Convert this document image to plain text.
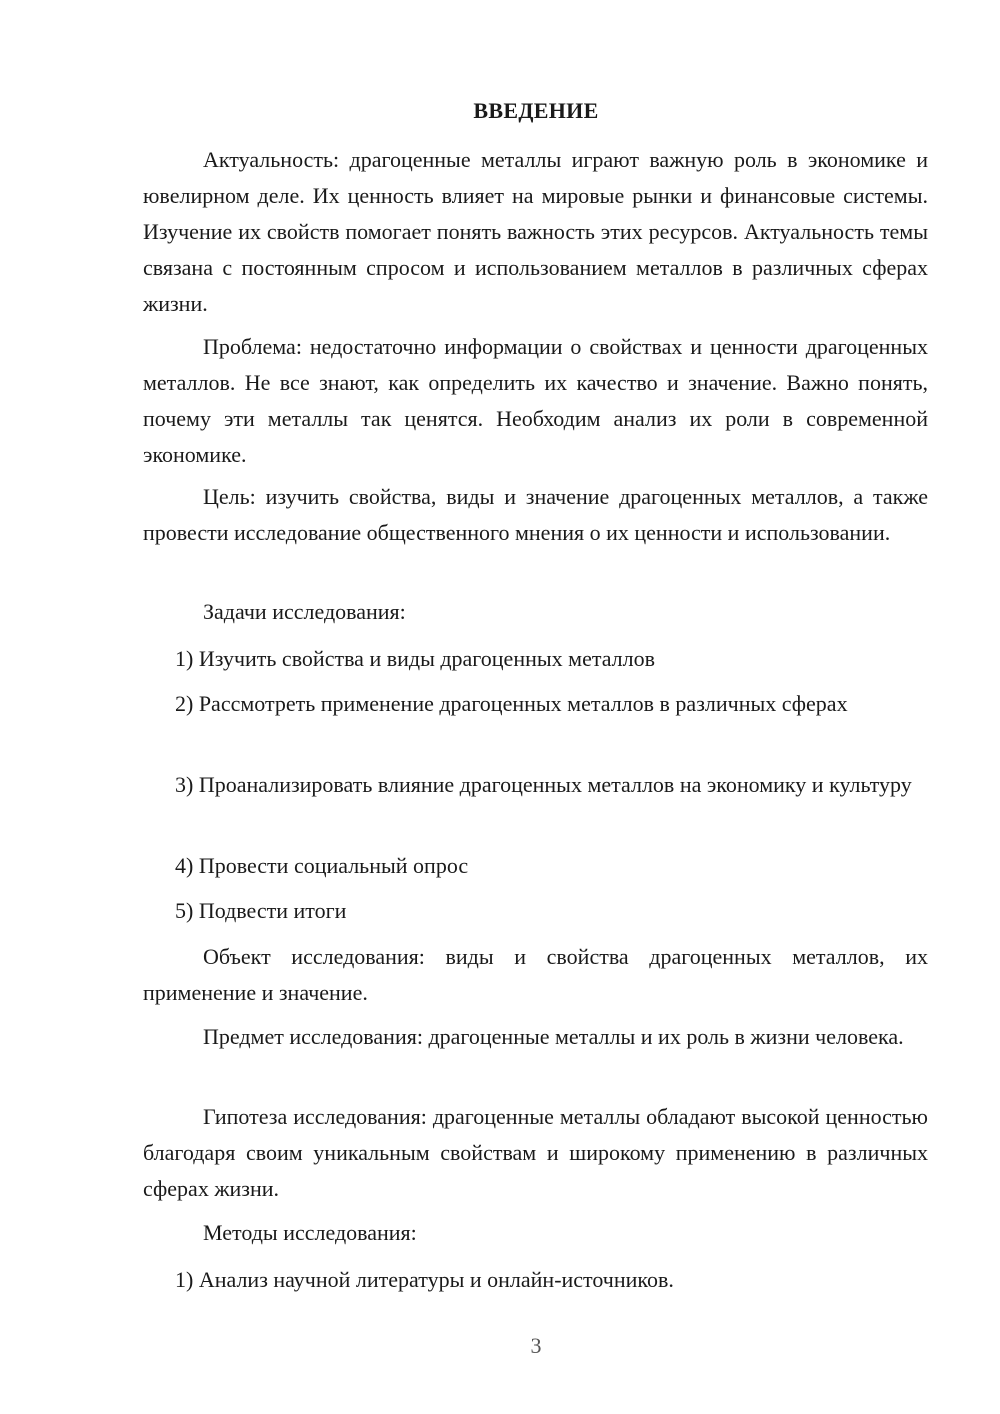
ВВЕДЕНИЕ

Актуальность: драгоценные металлы играют важную роль в экономике и ювелирном деле. Их ценность влияет на мировые рынки и финансовые системы. Изучение их свойств помогает понять важность этих ресурсов. Актуальность темы связана с постоянным спросом и использованием металлов в различных сферах жизни.

Проблема: недостаточно информации о свойствах и ценности драгоценных металлов. Не все знают, как определить их качество и значение. Важно понять, почему эти металлы так ценятся. Необходим анализ их роли в современной экономике.

Цель: изучить свойства, виды и значение драгоценных металлов, а также провести исследование общественного мнения о их ценности и использовании.

Задачи исследования:

1) Изучить свойства и виды драгоценных металлов

2) Рассмотреть применение драгоценных металлов в различных сферах

3) Проанализировать влияние драгоценных металлов на экономику и культуру

4) Провести социальный опрос

5) Подвести итоги

Объект исследования: виды и свойства драгоценных металлов, их применение и значение.

Предмет исследования: драгоценные металлы и их роль в жизни человека.

Гипотеза исследования: драгоценные металлы обладают высокой ценностью благодаря своим уникальным свойствам и широкому применению в различных сферах жизни.

Методы исследования:

1) Анализ научной литературы и онлайн-источников.

3
